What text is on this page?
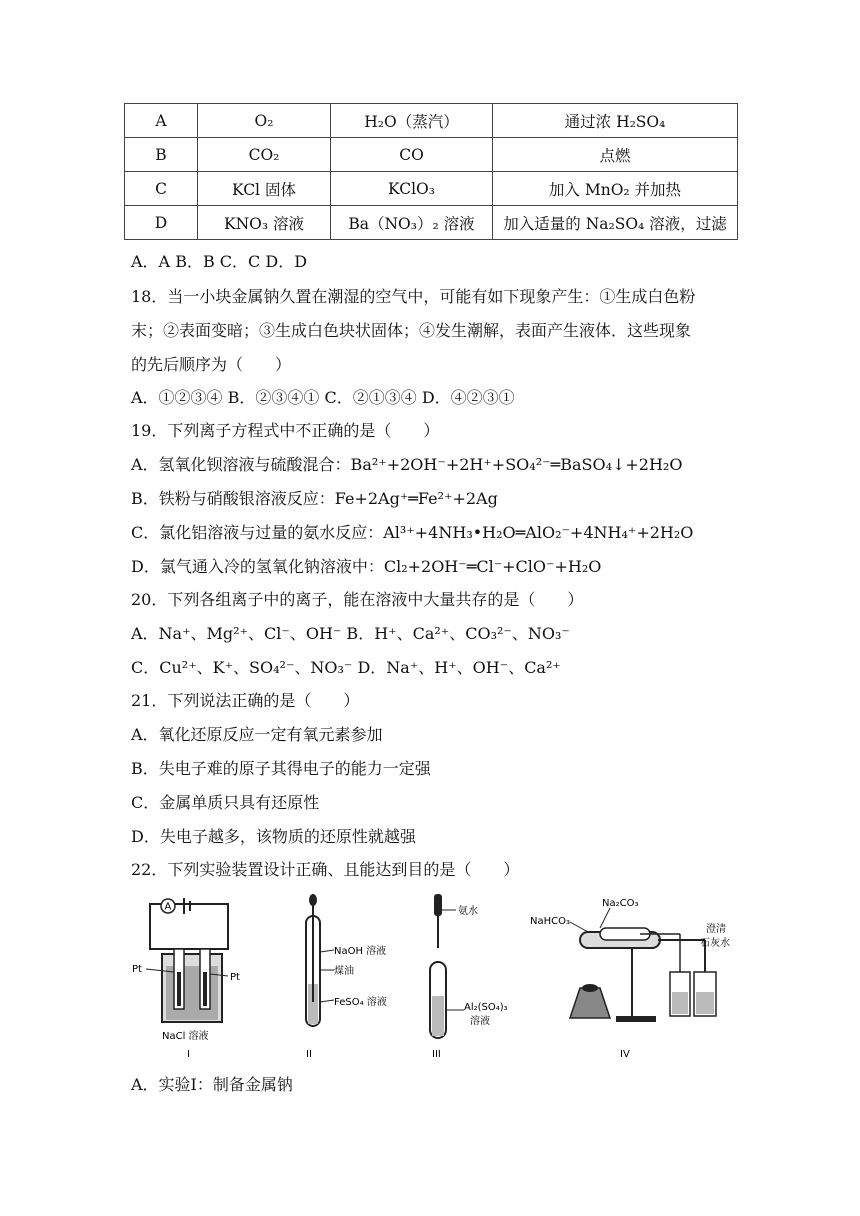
A	O₂	H₂O（蒸汽）	通过浓 H₂SO₄
B	CO₂	CO	点燃
C	KCl 固体	KClO₃	加入 MnO₂ 并加热
D	KNO₃ 溶液	Ba（NO₃）₂ 溶液	加入适量的 Na₂SO₄ 溶液，过滤
A．A B．B C．C D．D
18．当一小块金属钠久置在潮湿的空气中，可能有如下现象产生：①生成白色粉
末；②表面变暗；③生成白色块状固体；④发生潮解，表面产生液体．这些现象
的先后顺序为（　　）
A．①②③④ B．②③④① C．②①③④ D．④②③①
19．下列离子方程式中不正确的是（　　）
A．氢氧化钡溶液与硫酸混合：Ba²⁺+2OH⁻+2H⁺+SO₄²⁻═BaSO₄↓+2H₂O
B．铁粉与硝酸银溶液反应：Fe+2Ag⁺═Fe²⁺+2Ag
C．氯化铝溶液与过量的氨水反应：Al³⁺+4NH₃•H₂O═AlO₂⁻+4NH₄⁺+2H₂O
D．氯气通入冷的氢氧化钠溶液中：Cl₂+2OH⁻═Cl⁻+ClO⁻+H₂O
20．下列各组离子中的离子，能在溶液中大量共存的是（　　）
A．Na⁺、Mg²⁺、Cl⁻、OH⁻ B．H⁺、Ca²⁺、CO₃²⁻、NO₃⁻
C．Cu²⁺、K⁺、SO₄²⁻、NO₃⁻ D．Na⁺、H⁺、OH⁻、Ca²⁺
21．下列说法正确的是（　　）
A．氧化还原反应一定有氧元素参加
B．失电子难的原子其得电子的能力一定强
C．金属单质只具有还原性
D．失电子越多，该物质的还原性就越强
22．下列实验装置设计正确、且能达到目的是（　　）
A
Pt
Pt
NaCl 溶液
I
NaOH 溶液
煤油
FeSO₄ 溶液
II
氨水
Al₂(SO₄)₃
溶液
III
Na₂CO₃
NaHCO₃
澄清
石灰水
IV
A．实验Ⅰ：制备金属钠
